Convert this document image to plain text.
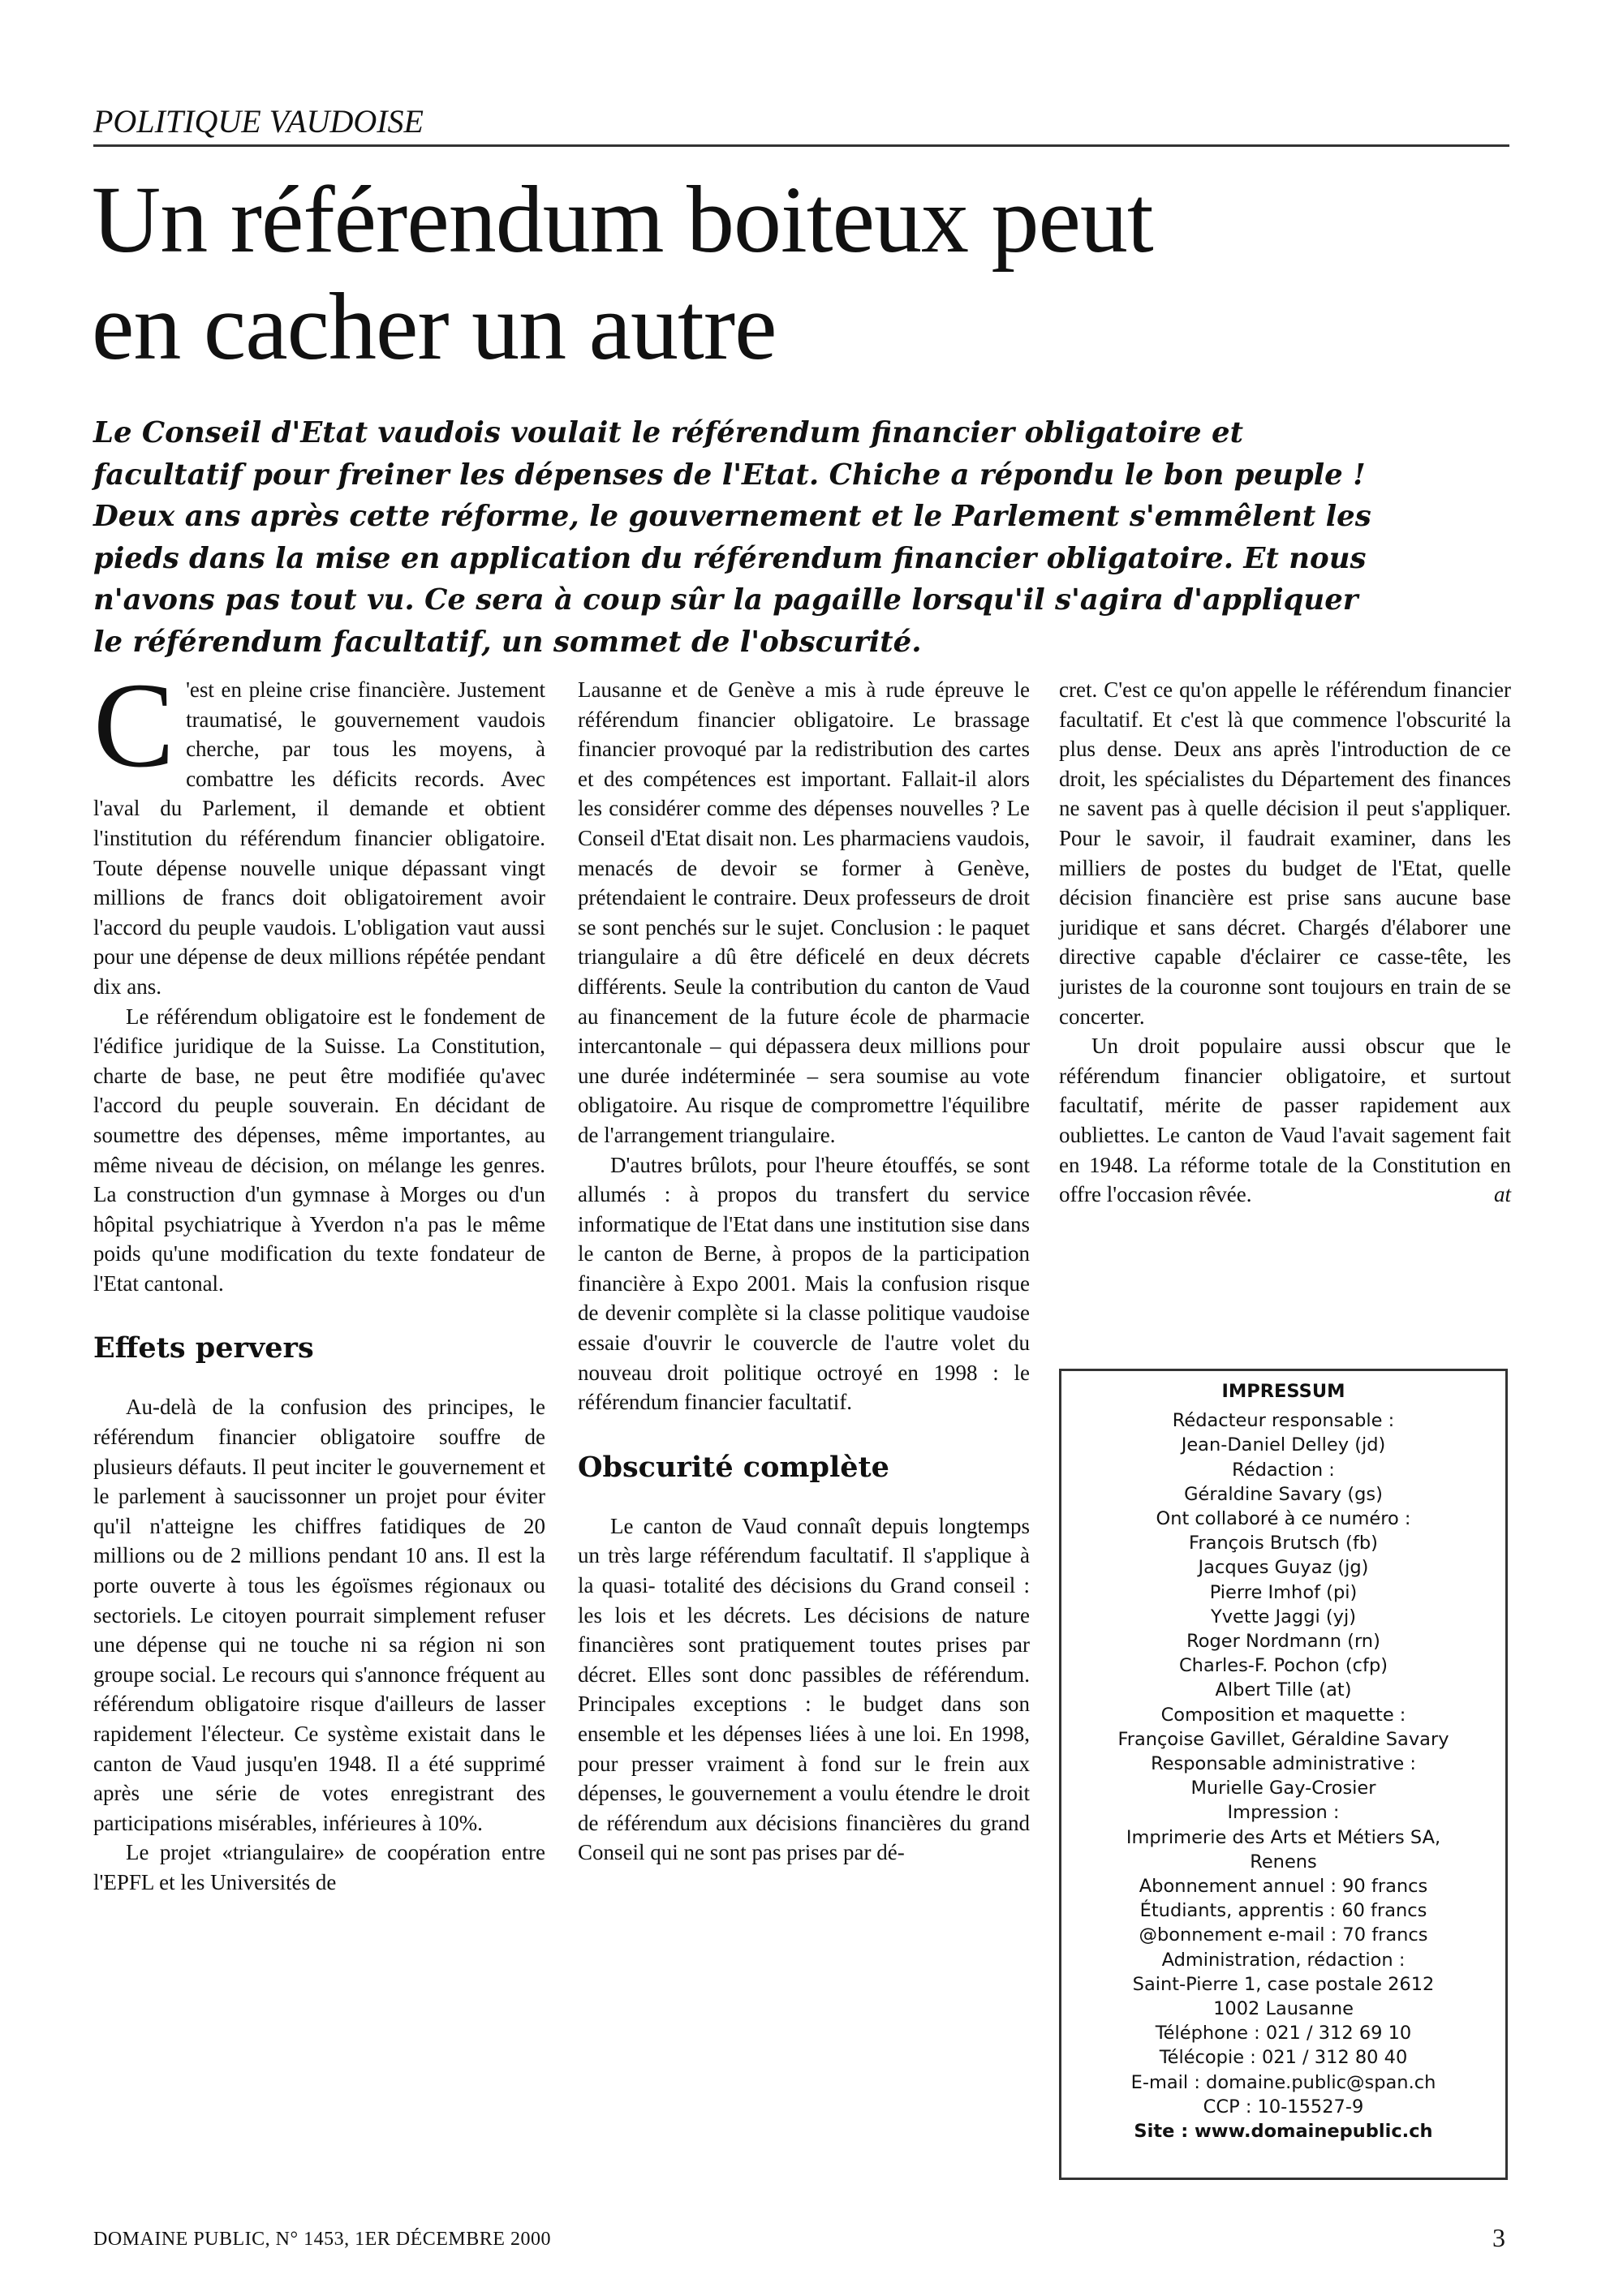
POLITIQUE VAUDOISE
Un référendum boiteux peut
en cacher un autre

Le Conseil d'Etat vaudois voulait le référendum financier obligatoire et facultatif pour freiner les dépenses de l'Etat. Chiche a répondu le bon peuple ! Deux ans après cette réforme, le gouvernement et le Parlement s'emmêlent les pieds dans la mise en application du référendum financier obligatoire. Et nous n'avons pas tout vu. Ce sera à coup sûr la pagaille lorsqu'il s'agira d'appliquer le référendum facultatif, un sommet de l'obscurité.

C 'est en pleine crise financière. Justement traumatisé, le gouvernement vaudois cherche, par tous les moyens, à combattre les déficits records. Avec l'aval du Parlement, il demande et obtient l'institution du référendum financier obligatoire. Toute dépense nouvelle unique dépassant vingt millions de francs doit obligatoirement avoir l'accord du peuple vaudois. L'obligation vaut aussi pour une dépense de deux millions répétée pendant dix ans.

Le référendum obligatoire est le fondement de l'édifice juridique de la Suisse. La Constitution, charte de base, ne peut être modifiée qu'avec l'accord du peuple souverain. En décidant de soumettre des dépenses, même importantes, au même niveau de décision, on mélange les genres. La construction d'un gymnase à Morges ou d'un hôpital psychiatrique à Yverdon n'a pas le même poids qu'une modification du texte fondateur de l'Etat cantonal.

Effets pervers

Au-delà de la confusion des principes, le référendum financier obligatoire souffre de plusieurs défauts. Il peut inciter le gouvernement et le parlement à saucissonner un projet pour éviter qu'il n'atteigne les chiffres fatidiques de 20 millions ou de 2 millions pendant 10 ans. Il est la porte ouverte à tous les égoïsmes régionaux ou sectoriels. Le citoyen pourrait simplement refuser une dépense qui ne touche ni sa région ni son groupe social. Le recours qui s'annonce fréquent au référendum obligatoire risque d'ailleurs de lasser rapidement l'électeur. Ce système existait dans le canton de Vaud jusqu'en 1948. Il a été supprimé après une série de votes enregistrant des participations misérables, inférieures à 10%.

Le projet «triangulaire» de coopération entre l'EPFL et les Universités de

Lausanne et de Genève a mis à rude épreuve le référendum financier obligatoire. Le brassage financier provoqué par la redistribution des cartes et des compétences est important. Fallait-il alors les considérer comme des dépenses nouvelles ? Le Conseil d'Etat disait non. Les pharmaciens vaudois, menacés de devoir se former à Genève, prétendaient le contraire. Deux professeurs de droit se sont penchés sur le sujet. Conclusion : le paquet triangulaire a dû être déficelé en deux décrets différents. Seule la contribution du canton de Vaud au financement de la future école de pharmacie intercantonale – qui dépassera deux millions pour une durée indéterminée – sera soumise au vote obligatoire. Au risque de compromettre l'équilibre de l'arrangement triangulaire.

D'autres brûlots, pour l'heure étouffés, se sont allumés : à propos du transfert du service informatique de l'Etat dans une institution sise dans le canton de Berne, à propos de la participation financière à Expo 2001. Mais la confusion risque de devenir complète si la classe politique vaudoise essaie d'ouvrir le couvercle de l'autre volet du nouveau droit politique octroyé en 1998 : le référendum financier facultatif.

Obscurité complète

Le canton de Vaud connaît depuis longtemps un très large référendum facultatif. Il s'applique à la quasi- totalité des décisions du Grand conseil : les lois et les décrets. Les décisions de nature financières sont pratiquement toutes prises par décret. Elles sont donc passibles de référendum. Principales exceptions : le budget dans son ensemble et les dépenses liées à une loi. En 1998, pour presser vraiment à fond sur le frein aux dépenses, le gouvernement a voulu étendre le droit de référendum aux décisions financières du grand Conseil qui ne sont pas prises par dé-

cret. C'est ce qu'on appelle le référendum financier facultatif. Et c'est là que commence l'obscurité la plus dense. Deux ans après l'introduction de ce droit, les spécialistes du Département des finances ne savent pas à quelle décision il peut s'appliquer. Pour le savoir, il faudrait examiner, dans les milliers de postes du budget de l'Etat, quelle décision financière est prise sans aucune base juridique et sans décret. Chargés d'élaborer une directive capable d'éclairer ce casse-tête, les juristes de la couronne sont toujours en train de se concerter.

Un droit populaire aussi obscur que le référendum financier obligatoire, et surtout facultatif, mérite de passer rapidement aux oubliettes. Le canton de Vaud l'avait sagement fait en 1948. La réforme totale de la Constitution en offre l'occasion rêvée.	at

IMPRESSUM
Rédacteur responsable :
Jean-Daniel Delley (jd)
Rédaction :
Géraldine Savary (gs)
Ont collaboré à ce numéro :
François Brutsch (fb)
Jacques Guyaz (jg)
Pierre Imhof (pi)
Yvette Jaggi (yj)
Roger Nordmann (rn)
Charles-F. Pochon (cfp)
Albert Tille (at)
Composition et maquette :
Françoise Gavillet, Géraldine Savary
Responsable administrative :
Murielle Gay-Crosier
Impression :
Imprimerie des Arts et Métiers SA,
Renens
Abonnement annuel : 90 francs
Étudiants, apprentis : 60 francs
@bonnement e-mail : 70 francs
Administration, rédaction :
Saint-Pierre 1, case postale 2612
1002 Lausanne
Téléphone : 021 / 312 69 10
Télécopie : 021 / 312 80 40
E-mail : domaine.public@span.ch
CCP : 10-15527-9
Site : www.domainepublic.ch
DOMAINE PUBLIC, N° 1453, 1ER DÉCEMBRE 2000	3
